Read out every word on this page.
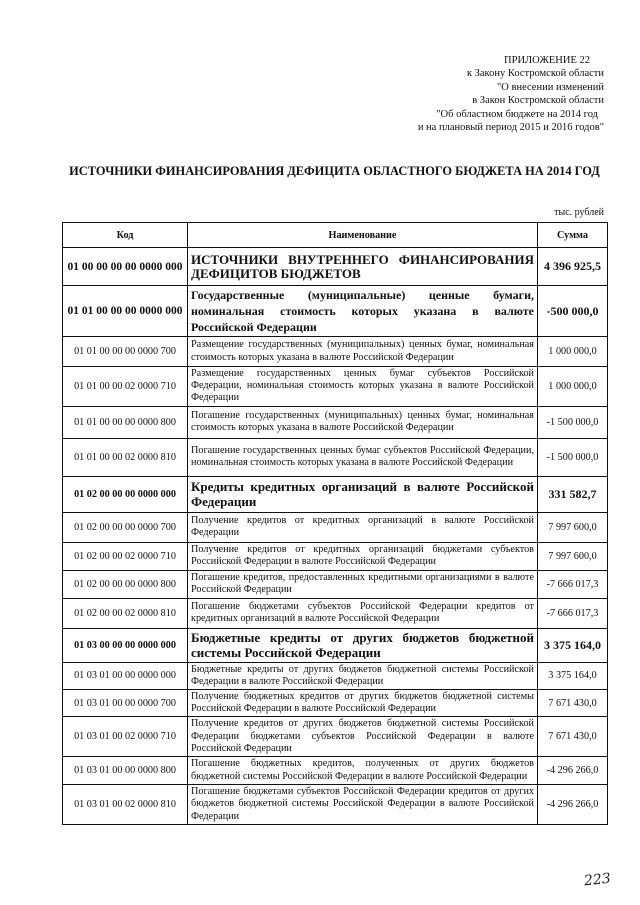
ПРИЛОЖЕНИЕ 22
к Закону Костромской области
"О внесении изменений
в Закон Костромской области
"Об областном бюджете на 2014 год
и на плановый период 2015 и 2016 годов"
ИСТОЧНИКИ ФИНАНСИРОВАНИЯ ДЕФИЦИТА ОБЛАСТНОГО БЮДЖЕТА НА 2014 ГОД
тыс. рублей
Код	Наименование	Сумма
01 00 00 00 00 0000 000	ИСТОЧНИКИ ВНУТРЕННЕГО ФИНАНСИРОВАНИЯ ДЕФИЦИТОВ БЮДЖЕТОВ	4 396 925,5
01 01 00 00 00 0000 000	Государственные (муниципальные) ценные бумаги, номинальная стоимость которых указана в валюте Российской Федерации	-500 000,0
01 01 00 00 00 0000 700	Размещение государственных (муниципальных) ценных бумаг, номинальная стоимость которых указана в валюте Российской Федерации	1 000 000,0
01 01 00 00 02 0000 710	Размещение государственных ценных бумаг субъектов Российской Федерации, номинальная стоимость которых указана в валюте Российской Федерации	1 000 000,0
01 01 00 00 00 0000 800	Погашение государственных (муниципальных) ценных бумаг, номинальная стоимость которых указана в валюте Российской Федерации	-1 500 000,0
01 01 00 00 02 0000 810	Погашение государственных ценных бумаг субъектов Российской Федерации, номинальная стоимость которых указана в валюте Российской Федерации	-1 500 000,0
01 02 00 00 00 0000 000	Кредиты кредитных организаций в валюте Российской Федерации	331 582,7
01 02 00 00 00 0000 700	Получение кредитов от кредитных организаций в валюте Российской Федерации	7 997 600,0
01 02 00 00 02 0000 710	Получение кредитов от кредитных организаций бюджетами субъектов Российской Федерации в валюте Российской Федерации	7 997 600,0
01 02 00 00 00 0000 800	Погашение кредитов, предоставленных кредитными организациями в валюте Российской Федерации	-7 666 017,3
01 02 00 00 02 0000 810	Погашение бюджетами субъектов Российской Федерации кредитов от кредитных организаций в валюте Российской Федерации	-7 666 017,3
01 03 00 00 00 0000 000	Бюджетные кредиты от других бюджетов бюджетной системы Российской Федерации	3 375 164,0
01 03 01 00 00 0000 000	Бюджетные кредиты от других бюджетов бюджетной системы Российской Федерации в валюте Российской Федерации	3 375 164,0
01 03 01 00 00 0000 700	Получение бюджетных кредитов от других бюджетов бюджетной системы Российской Федерации в валюте Российской Федерации	7 671 430,0
01 03 01 00 02 0000 710	Получение кредитов от других бюджетов бюджетной системы Российской Федерации бюджетами субъектов Российской Федерации в валюте Российской Федерации	7 671 430,0
01 03 01 00 00 0000 800	Погашение бюджетных кредитов, полученных от других бюджетов бюджетной системы Российской Федерации в валюте Российской Федерации	-4 296 266,0
01 03 01 00 02 0000 810	Погашение бюджетами субъектов Российской Федерации кредитов от других бюджетов бюджетной системы Российской Федерации в валюте Российской Федерации	-4 296 266,0
223
